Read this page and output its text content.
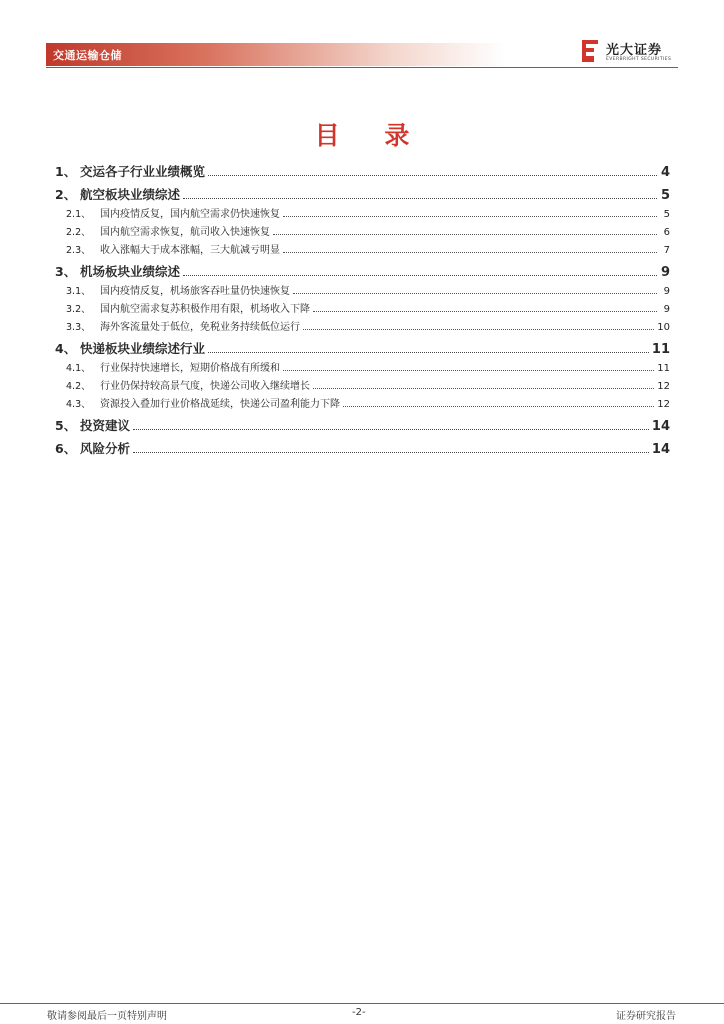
交通运输仓储	光大证券
EVERBRIGHT SECURITIES
目 录
1、 交运各子行业业绩概览	4
2、 航空板块业绩综述	5
2.1、 国内疫情反复，国内航空需求仍快速恢复	5
2.2、 国内航空需求恢复，航司收入快速恢复	6
2.3、 收入涨幅大于成本涨幅，三大航减亏明显	7
3、 机场板块业绩综述	9
3.1、 国内疫情反复，机场旅客吞吐量仍快速恢复	9
3.2、 国内航空需求复苏积极作用有限，机场收入下降	9
3.3、 海外客流量处于低位，免税业务持续低位运行	10
4、 快递板块业绩综述行业	11
4.1、 行业保持快速增长，短期价格战有所缓和	11
4.2、 行业仍保持较高景气度，快递公司收入继续增长	12
4.3、 资源投入叠加行业价格战延续，快递公司盈利能力下降	12
5、 投资建议	14
6、 风险分析	14
敬请参阅最后一页特别声明	-2-	证券研究报告
